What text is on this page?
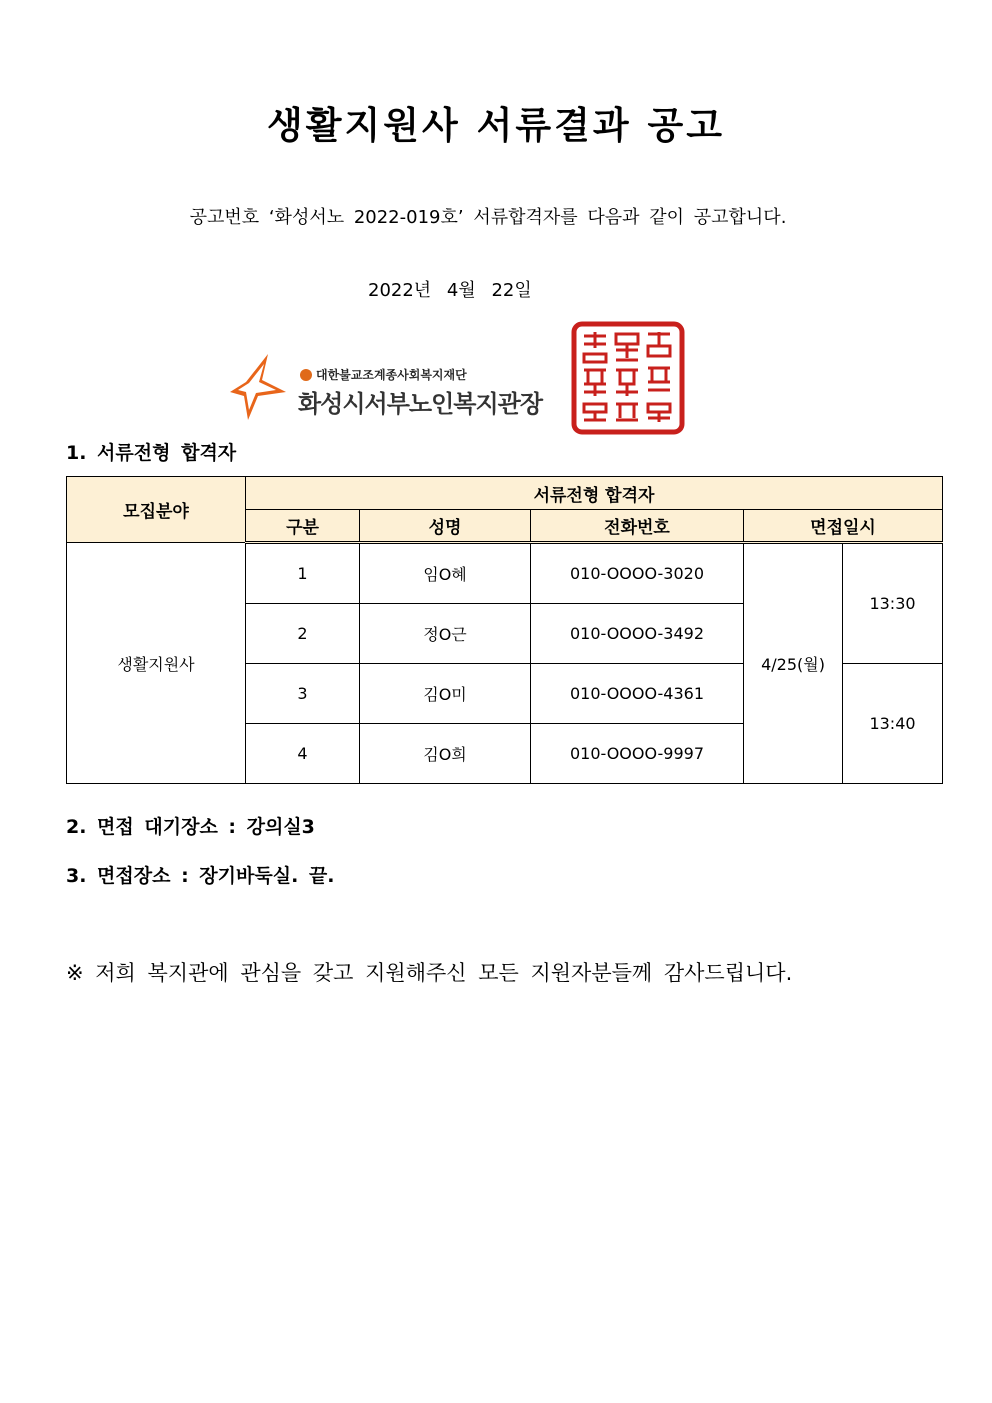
생활지원사 서류결과 공고
공고번호 ‘화성서노 2022-019호’ 서류합격자를 다음과 같이 공고합니다.
2022년 4월 22일
대한불교조계종사회복지재단
화성시서부노인복지관장
1. 서류전형 합격자
모집분야	서류전형 합격자				
	구분	성명	전화번호	면접일시	
생활지원사	1	임O혜	010-OOOO-3020	4/25(월)	13:30
	2	정O근	010-OOOO-3492		
	3	김O미	010-OOOO-4361		13:40
	4	김O희	010-OOOO-9997		
2. 면접 대기장소 : 강의실3
3. 면접장소 : 장기바둑실. 끝.
※ 저희 복지관에 관심을 갖고 지원해주신 모든 지원자분들께 감사드립니다.
